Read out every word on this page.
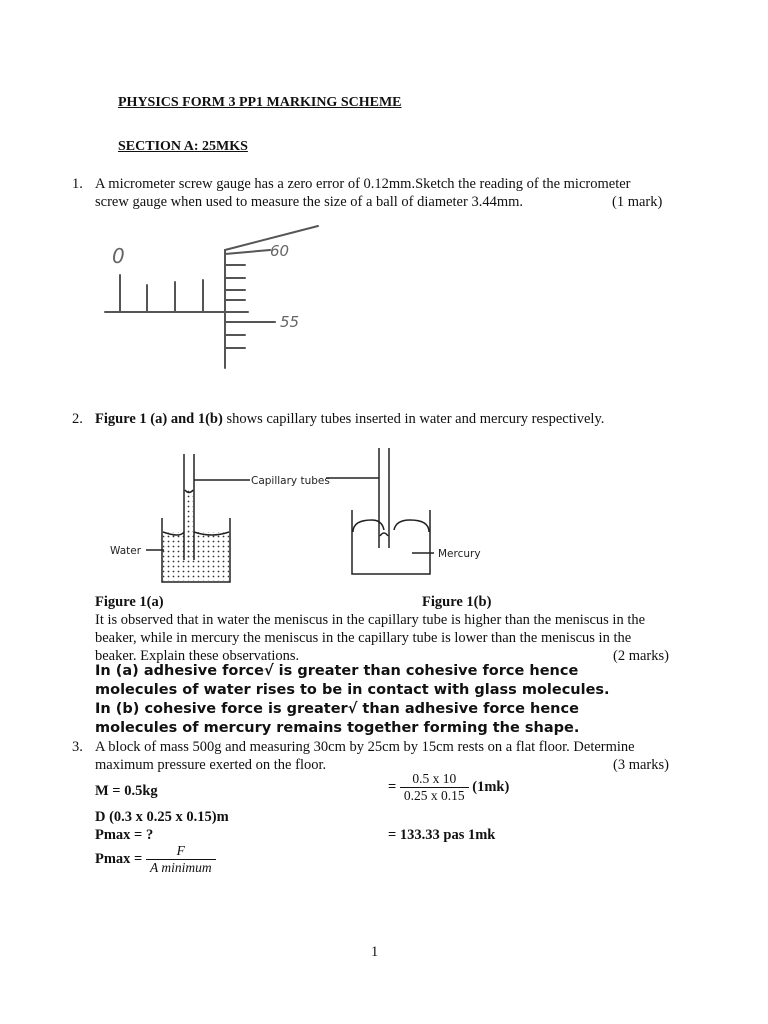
PHYSICS FORM 3 PP1 MARKING SCHEME
SECTION A: 25MKS
1. A micrometer screw gauge has a zero error of 0.12mm.Sketch the reading of the micrometer
screw gauge when used to measure the size of a ball of diameter 3.44mm.	(1 mark)
0	60
55
2. Figure 1 (a) and 1(b) shows capillary tubes inserted in water and mercury respectively.
Capillary tubes
Water	Mercury
Figure 1(a)	Figure 1(b)
It is observed that in water the meniscus in the capillary tube is higher than the meniscus in the
beaker, while in mercury the meniscus in the capillary tube is lower than the meniscus in the
beaker. Explain these observations.	(2 marks)
In (a) adhesive force√ is greater than cohesive force hence
molecules of water rises to be in contact with glass molecules.
In (b) cohesive force is greater√ than adhesive force hence
molecules of mercury remains together forming the shape.
3. A block of mass 500g and measuring 30cm by 25cm by 15cm rests on a flat floor. Determine
maximum pressure exerted on the floor.	(3 marks)
M = 0.5kg
D (0.3 x 0.25 x 0.15)m
Pmax = ?
$Pmax = \frac{F}{\text{A minimum}}$
= $\frac{0.5 x 10}{0.25 x 0.15} (1mk)$
= 133.33 pas 1mk
1
